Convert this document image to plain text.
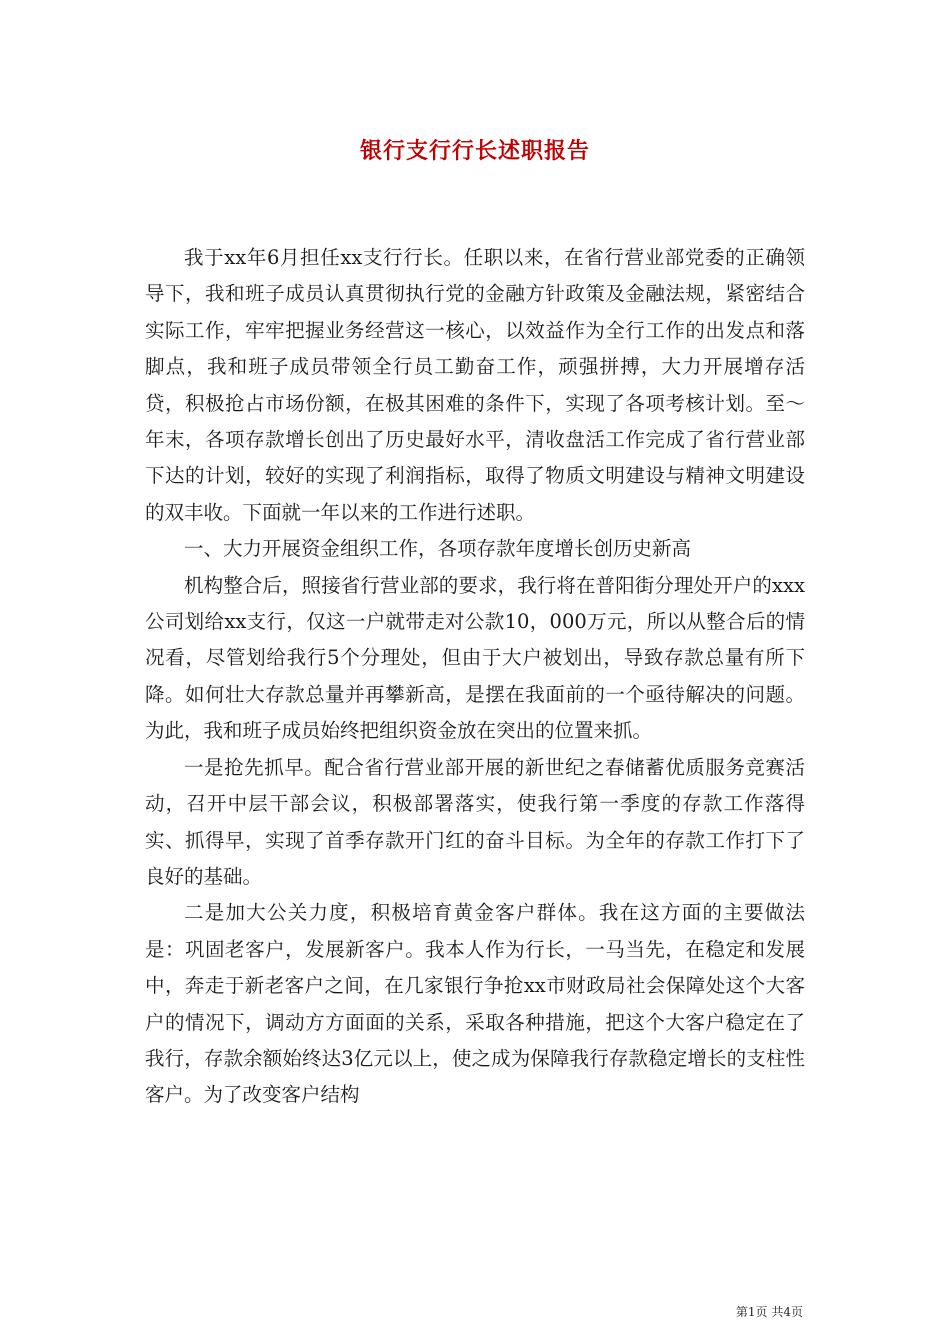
银行支行行长述职报告

我于xx年6月担任xx支行行长。任职以来，在省行营业部党委的正确领导下，我和班子成员认真贯彻执行党的金融方针政策及金融法规，紧密结合实际工作，牢牢把握业务经营这一核心，以效益作为全行工作的出发点和落脚点，我和班子成员带领全行员工勤奋工作，顽强拼搏，大力开展增存活贷，积极抢占市场份额，在极其困难的条件下，实现了各项考核计划。至～年末，各项存款增长创出了历史最好水平，清收盘活工作完成了省行营业部下达的计划，较好的实现了利润指标，取得了物质文明建设与精神文明建设的双丰收。下面就一年以来的工作进行述职。

一、大力开展资金组织工作，各项存款年度增长创历史新高

机构整合后，照接省行营业部的要求，我行将在普阳街分理处开户的xxx公司划给xx支行，仅这一户就带走对公款10，000万元，所以从整合后的情况看，尽管划给我行5个分理处，但由于大户被划出，导致存款总量有所下降。如何壮大存款总量并再攀新高，是摆在我面前的一个亟待解决的问题。为此，我和班子成员始终把组织资金放在突出的位置来抓。

一是抢先抓早。配合省行营业部开展的新世纪之春储蓄优质服务竞赛活动，召开中层干部会议，积极部署落实，使我行第一季度的存款工作落得实、抓得早，实现了首季存款开门红的奋斗目标。为全年的存款工作打下了良好的基础。

二是加大公关力度，积极培育黄金客户群体。我在这方面的主要做法是：巩固老客户，发展新客户。我本人作为行长，一马当先，在稳定和发展中，奔走于新老客户之间，在几家银行争抢xx市财政局社会保障处这个大客户的情况下，调动方方面面的关系，采取各种措施，把这个大客户稳定在了我行，存款余额始终达3亿元以上，使之成为保障我行存款稳定增长的支柱性客户。为了改变客户结构

第1页 共4页
